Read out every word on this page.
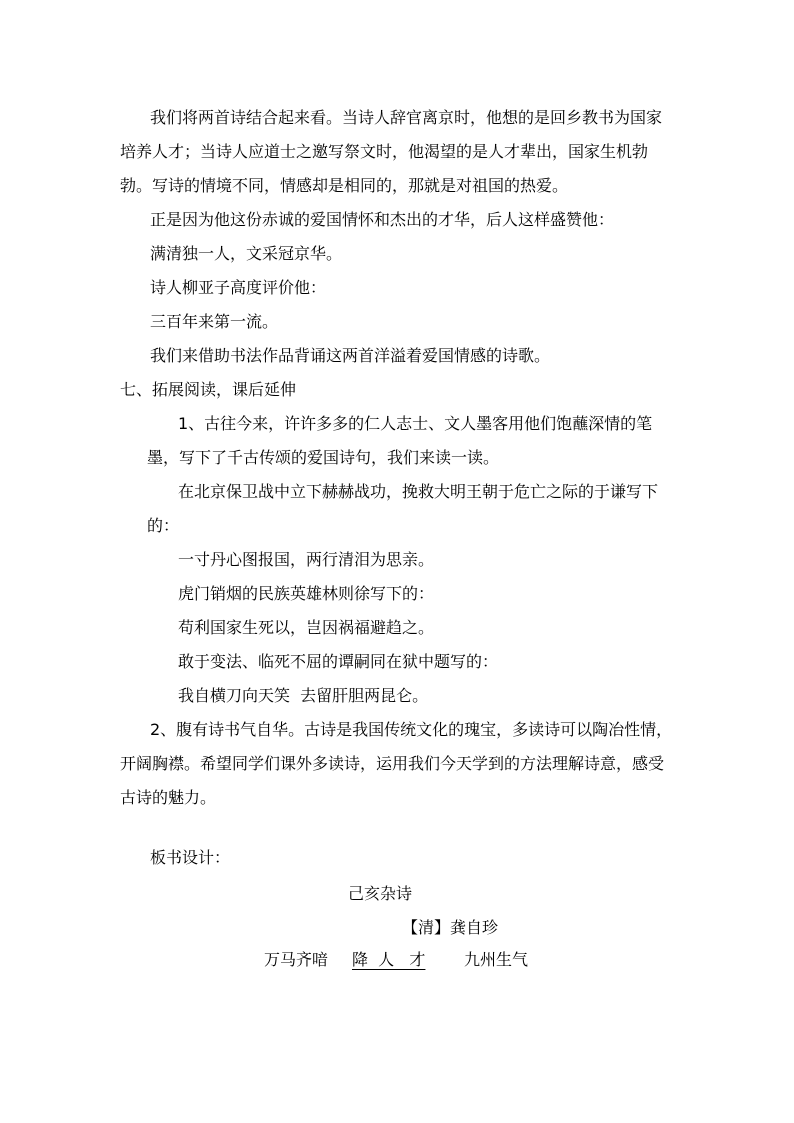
我们将两首诗结合起来看。当诗人辞官离京时，他想的是回乡教书为国家
培养人才；当诗人应道士之邀写祭文时，他渴望的是人才辈出，国家生机勃
勃。写诗的情境不同，情感却是相同的，那就是对祖国的热爱。
正是因为他这份赤诚的爱国情怀和杰出的才华，后人这样盛赞他：
满清独一人，文采冠京华。
诗人柳亚子高度评价他：
三百年来第一流。
我们来借助书法作品背诵这两首洋溢着爱国情感的诗歌。
七、拓展阅读，课后延伸
1、古往今来，许许多多的仁人志士、文人墨客用他们饱蘸深情的笔
墨，写下了千古传颂的爱国诗句，我们来读一读。
在北京保卫战中立下赫赫战功，挽救大明王朝于危亡之际的于谦写下
的：
一寸丹心图报国，两行清泪为思亲。
虎门销烟的民族英雄林则徐写下的：
苟利国家生死以，岂因祸福避趋之。
敢于变法、临死不屈的谭嗣同在狱中题写的：
我自横刀向天笑  去留肝胆两昆仑。
2、腹有诗书气自华。古诗是我国传统文化的瑰宝，多读诗可以陶冶性情，
开阔胸襟。希望同学们课外多读诗，运用我们今天学到的方法理解诗意，感受
古诗的魅力。
板书设计：
己亥杂诗
【清】龚自珍
万马齐喑 降  人   才	九州生气
